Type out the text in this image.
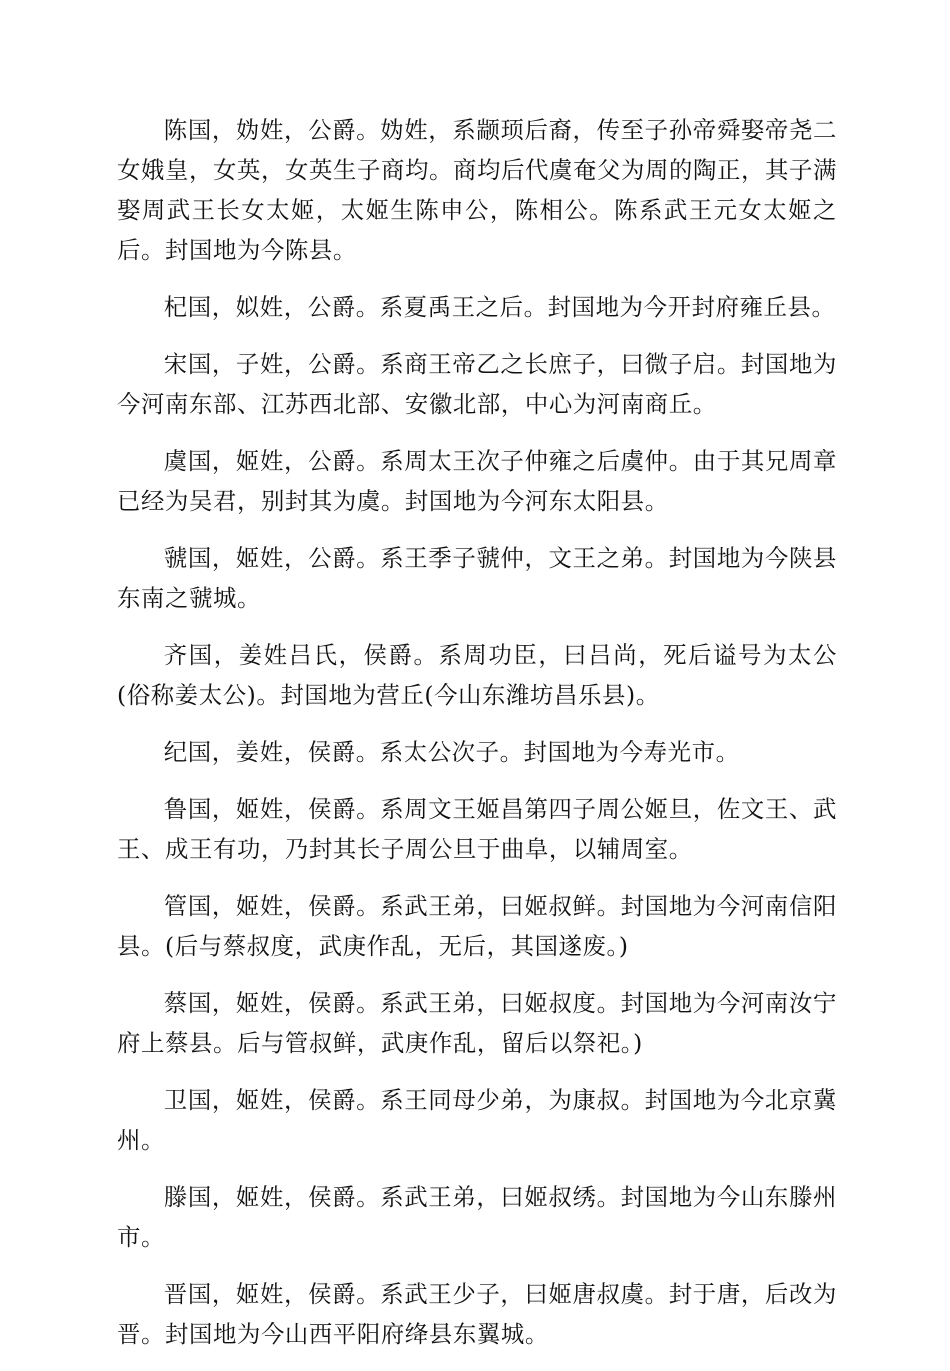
陈国，妫姓，公爵。妫姓，系颛顼后裔，传至子孙帝舜娶帝尧二女娥皇，女英，女英生子商均。商均后代虞奄父为周的陶正，其子满娶周武王长女太姬，太姬生陈申公，陈相公。陈系武王元女太姬之后。封国地为今陈县。

杞国，姒姓，公爵。系夏禹王之后。封国地为今开封府雍丘县。

宋国，子姓，公爵。系商王帝乙之长庶子，曰微子启。封国地为今河南东部、江苏西北部、安徽北部，中心为河南商丘。

虞国，姬姓，公爵。系周太王次子仲雍之后虞仲。由于其兄周章已经为吴君，别封其为虞。封国地为今河东太阳县。

虢国，姬姓，公爵。系王季子虢仲，文王之弟。封国地为今陕县东南之虢城。

齐国，姜姓吕氏，侯爵。系周功臣，曰吕尚，死后谥号为太公(俗称姜太公)。封国地为营丘(今山东潍坊昌乐县)。

纪国，姜姓，侯爵。系太公次子。封国地为今寿光市。

鲁国，姬姓，侯爵。系周文王姬昌第四子周公姬旦，佐文王、武王、成王有功，乃封其长子周公旦于曲阜，以辅周室。

管国，姬姓，侯爵。系武王弟，曰姬叔鲜。封国地为今河南信阳县。(后与蔡叔度，武庚作乱，无后，其国遂废。)

蔡国，姬姓，侯爵。系武王弟，曰姬叔度。封国地为今河南汝宁府上蔡县。后与管叔鲜，武庚作乱，留后以祭祀。)

卫国，姬姓，侯爵。系王同母少弟，为康叔。封国地为今北京冀州。

滕国，姬姓，侯爵。系武王弟，曰姬叔绣。封国地为今山东滕州市。

晋国，姬姓，侯爵。系武王少子，曰姬唐叔虞。封于唐，后改为晋。封国地为今山西平阳府绛县东翼城。
